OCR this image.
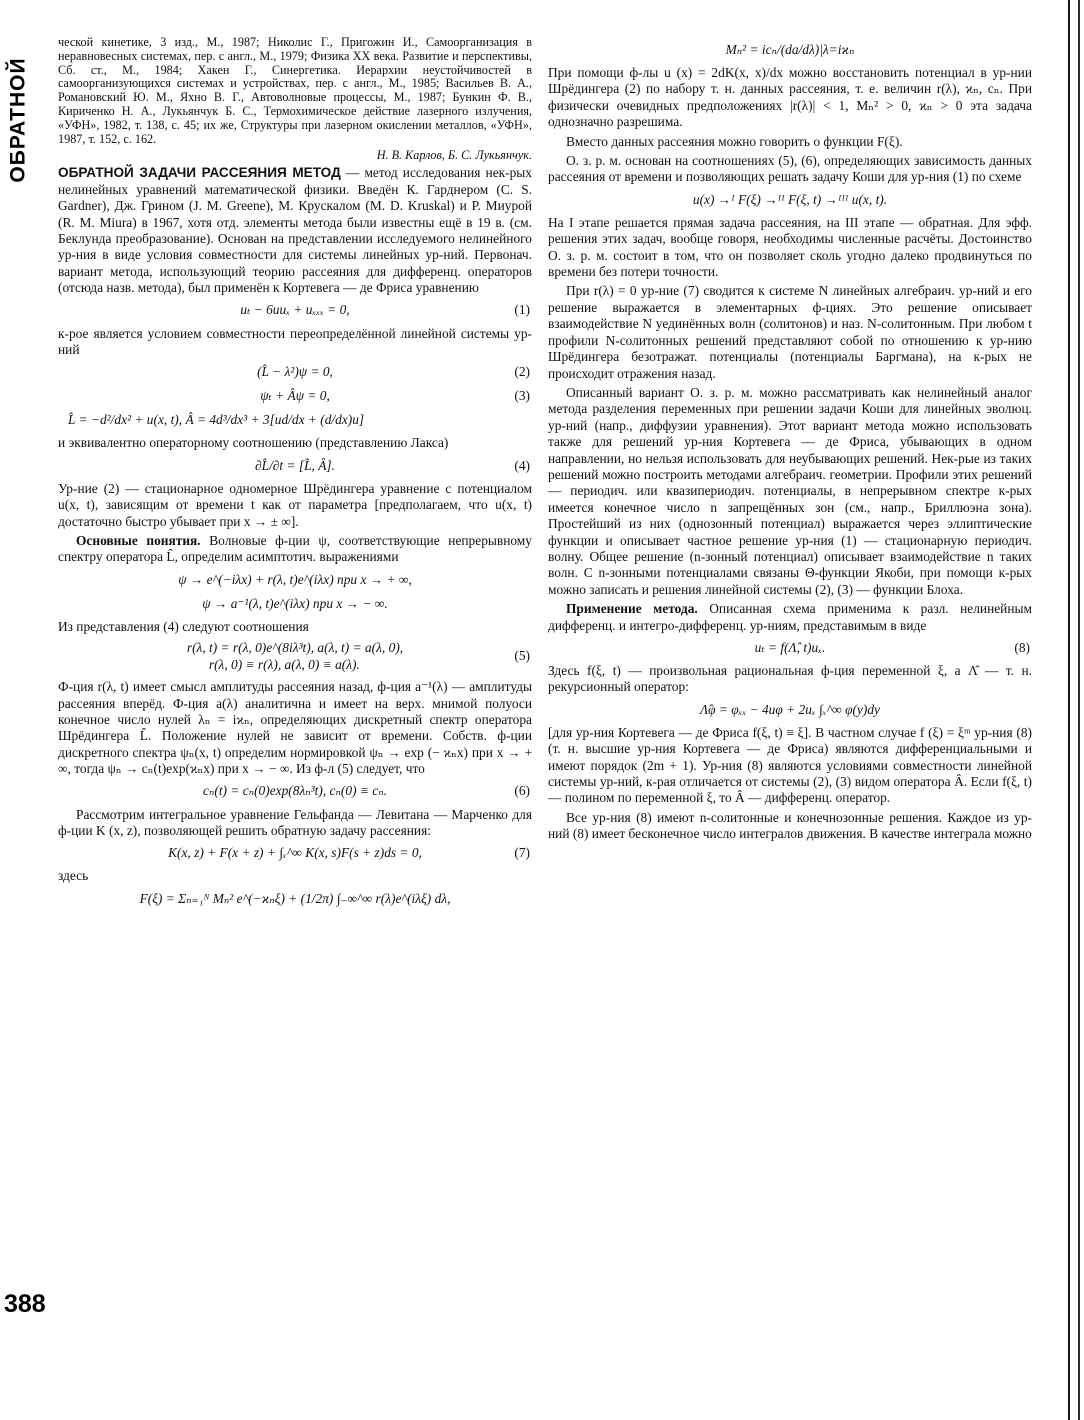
ОБРАТНОЙ
388

ческой кинетике, 3 изд., М., 1987; Николис Г., Пригожин И., Самоорганизация в неравновесных системах, пер. с англ., М., 1979; Физика XX века. Развитие и перспективы, Сб. ст., М., 1984; Хакен Г., Синергетика. Иерархии неустойчивостей в самоорганизующихся системах и устройствах, пер. с англ., М., 1985; Васильев В. А., Романовский Ю. М., Яхно В. Г., Автоволновые процессы, М., 1987; Бункин Ф. В., Кириченко Н. А., Лукьянчук Б. С., Термохимическое действие лазерного излучения, «УФН», 1982, т. 138, с. 45; их же, Структуры при лазерном окислении металлов, «УФН», 1987, т. 152, с. 162.

Н. В. Карлов, Б. С. Лукьянчук.

ОБРАТНОЙ ЗАДАЧИ РАССЕЯНИЯ МЕТОД — метод исследования нек-рых нелинейных уравнений математической физики. Введён К. Гарднером (C. S. Gardner), Дж. Грином (J. M. Greene), М. Крускалом (M. D. Kruskal) и Р. Миурой (R. M. Miura) в 1967, хотя отд. элементы метода были известны ещё в 19 в. (см. Беклунда преобразование). Основан на представлении исследуемого нелинейного ур-ния в виде условия совместности для системы линейных ур-ний. Первонач. вариант метода, использующий теорию рассеяния для дифференц. операторов (отсюда назв. метода), был применён к Кортевега — де Фриса уравнению

uₜ − 6uuₓ + uₓₓₓ = 0,	(1)

к-рое является условием совместности переопределённой линейной системы ур-ний

(L̂ − λ²)ψ = 0,	(2)
ψₜ + Âψ = 0,	(3)
L̂ = −d²/dx² + u(x, t), Â = 4d³/dx³ + 3[ud/dx + (d/dx)u]

и эквивалентно операторному соотношению (представлению Лакса)

∂L̂/∂t = [L̂, Â].	(4)

Ур-ние (2) — стационарное одномерное Шрёдингера уравнение с потенциалом u(x, t), зависящим от времени t как от параметра [предполагаем, что u(x, t) достаточно быстро убывает при x → ± ∞].

Основные понятия. Волновые ф-ции ψ, соответствующие непрерывному спектру оператора L̂, определим асимптотич. выражениями

ψ → e^(−iλx) + r(λ, t)e^(iλx) при x → + ∞,
ψ → a⁻¹(λ, t)e^(iλx) при x → − ∞.

Из представления (4) следуют соотношения

r(λ, t) = r(λ, 0)e^(8iλ³t), a(λ, t) = a(λ, 0),
r(λ, 0) ≡ r(λ), a(λ, 0) ≡ a(λ).
(5)

Ф-ция r(λ, t) имеет смысл амплитуды рассеяния назад, ф-ция a⁻¹(λ) — амплитуды рассеяния вперёд. Ф-ция a(λ) аналитична и имеет на верх. мнимой полуоси конечное число нулей λₙ = iϰₙ, определяющих дискретный спектр оператора Шрёдингера L̂. Положение нулей не зависит от времени. Собств. ф-ции дискретного спектра ψₙ(x, t) определим нормировкой ψₙ → exp (− ϰₙx) при x → + ∞, тогда ψₙ → cₙ(t)exp(ϰₙx) при x → − ∞. Из ф-л (5) следует, что

cₙ(t) = cₙ(0)exp(8λₙ³t), cₙ(0) ≡ cₙ.	(6)

Рассмотрим интегральное уравнение Гельфанда — Левитана — Марченко для ф-ции K (x, z), позволяющей решить обратную задачу рассеяния:

K(x, z) + F(x + z) + ∫ₓ^∞ K(x, s)F(s + z)ds = 0,	(7)

здесь

F(ξ) = Σₙ₌₁ᴺ Mₙ² e^(−ϰₙξ) + (1/2π) ∫₋∞^∞ r(λ)e^(iλξ) dλ,
Mₙ² = icₙ/(da/dλ)|λ=iϰₙ

При помощи ф-лы u (x) = 2dK(x, x)/dx можно восстановить потенциал в ур-нии Шрёдингера (2) по набору т. н. данных рассеяния, т. е. величин r(λ), ϰₙ, cₙ. При физически очевидных предположениях |r(λ)| < 1, Mₙ² > 0, ϰₙ > 0 эта задача однозначно разрешима.

Вместо данных рассеяния можно говорить о функции F(ξ).

О. з. р. м. основан на соотношениях (5), (6), определяющих зависимость данных рассеяния от времени и позволяющих решать задачу Коши для ур-ния (1) по схеме

u(x) →ᴵ F(ξ) →ᴵᴵ F(ξ, t) →ᴵᴵᴵ u(x, t).

На I этапе решается прямая задача рассеяния, на III этапе — обратная. Для эфф. решения этих задач, вообще говоря, необходимы численные расчёты. Достоинство О. з. р. м. состоит в том, что он позволяет сколь угодно далеко продвинуться по времени без потери точности.

При r(λ) = 0 ур-ние (7) сводится к системе N линейных алгебраич. ур-ний и его решение выражается в элементарных ф-циях. Это решение описывает взаимодействие N уединённых волн (солитонов) и наз. N-солитонным. При любом t профили N-солитонных решений представляют собой по отношению к ур-нию Шрёдингера безотражат. потенциалы (потенциалы Баргмана), на к-рых не происходит отражения назад.

Описанный вариант О. з. р. м. можно рассматривать как нелинейный аналог метода разделения переменных при решении задачи Коши для линейных эволюц. ур-ний (напр., диффузии уравнения). Этот вариант метода можно использовать также для решений ур-ния Кортевега — де Фриса, убывающих в одном направлении, но нельзя использовать для неубывающих решений. Нек-рые из таких решений можно построить методами алгебраич. геометрии. Профили этих решений — периодич. или квазипериодич. потенциалы, в непрерывном спектре к-рых имеется конечное число n запрещённых зон (см., напр., Бриллюэна зона). Простейший из них (однозонный потенциал) выражается через эллиптические функции и описывает частное решение ур-ния (1) — стационарную периодич. волну. Общее решение (n-зонный потенциал) описывает взаимодействие n таких волн. С n-зонными потенциалами связаны Θ-функции Якоби, при помощи к-рых можно записать и решения линейной системы (2), (3) — функции Блоха.

Применение метода. Описанная схема применима к разл. нелинейным дифференц. и интегро-дифференц. ур-ниям, представимым в виде

uₜ = f(Λ̂, t)uₓ.	(8)

Здесь f(ξ, t) — произвольная рациональная ф-ция переменной ξ, а Λ̂ — т. н. рекурсионный оператор:

Λ̂φ = φₓₓ − 4uφ + 2uₓ ∫ₓ^∞ φ(y)dy

[для ур-ния Кортевега — де Фриса f(ξ, t) ≡ ξ]. В частном случае f (ξ) = ξᵐ ур-ния (8) (т. н. высшие ур-ния Кортевега — де Фриса) являются дифференциальными и имеют порядок (2m + 1). Ур-ния (8) являются условиями совместности линейной системы ур-ний, к-рая отличается от системы (2), (3) видом оператора Â. Если f(ξ, t) — полином по переменной ξ, то Â — дифференц. оператор.

Все ур-ния (8) имеют n-солитонные и конечнозонные решения. Каждое из ур-ний (8) имеет бесконечное число интегралов движения. В качестве интеграла можно
